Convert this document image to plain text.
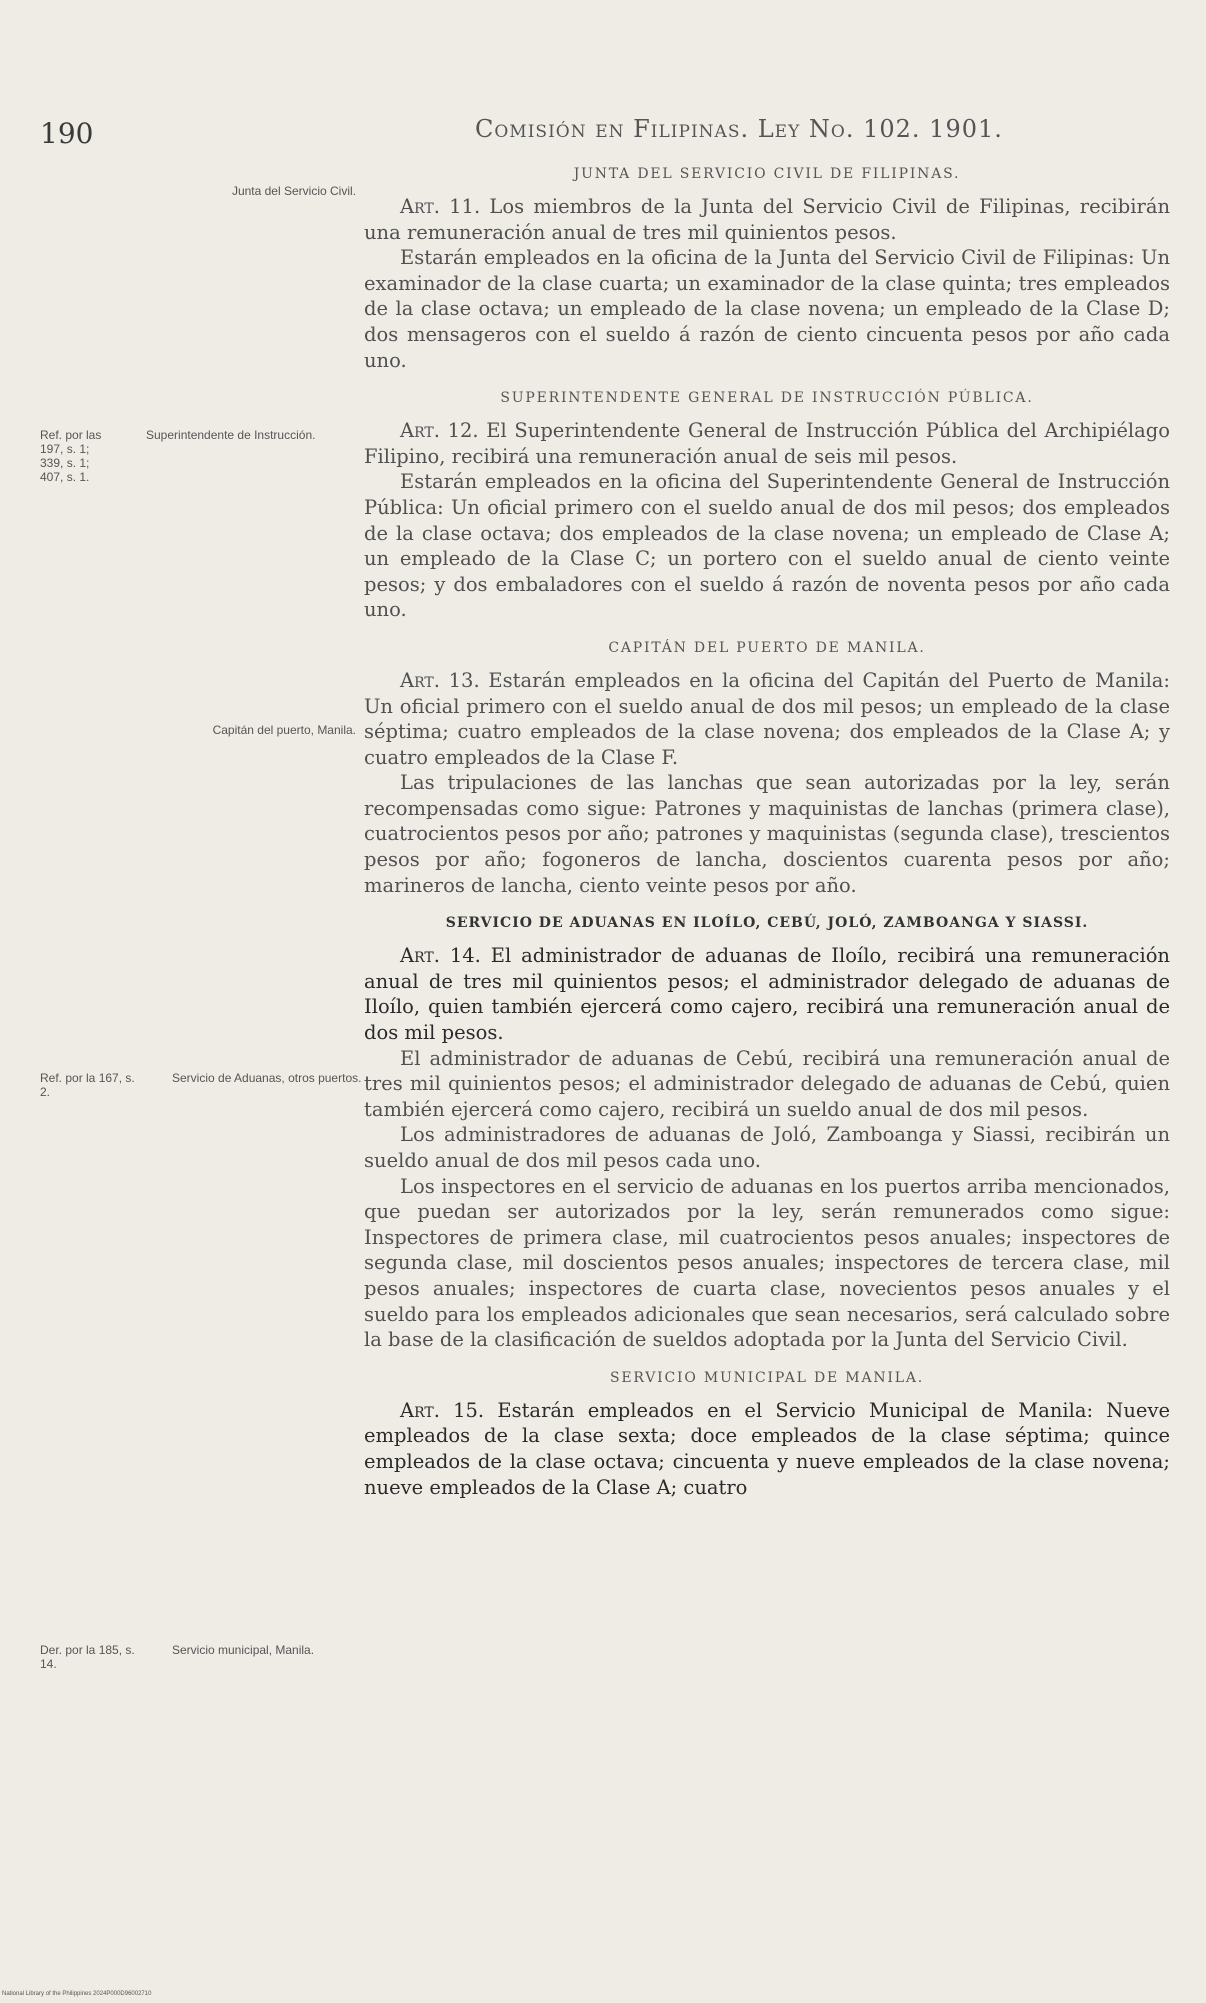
190	Comisión en Filipinas. Ley No. 102. 1901.
Junta del Servicio Civil.
Ref. por las 197, s. 1; 339, s. 1; 407, s. 1.
Superintendente de Instrucción.
Capitán del puerto, Manila.
Ref. por la 167, s. 2.
Servicio de Aduanas, otros puertos.
Der. por la 185, s. 14.
Servicio municipal, Manila.
JUNTA DEL SERVICIO CIVIL DE FILIPINAS.

Art. 11. Los miembros de la Junta del Servicio Civil de Filipinas, recibirán una remuneración anual de tres mil quinientos pesos.

Estarán empleados en la oficina de la Junta del Servicio Civil de Filipinas: Un examinador de la clase cuarta; un examinador de la clase quinta; tres empleados de la clase octava; un empleado de la clase novena; un empleado de la Clase D; dos mensageros con el sueldo á razón de ciento cincuenta pesos por año cada uno.

SUPERINTENDENTE GENERAL DE INSTRUCCIÓN PÚBLICA.

Art. 12. El Superintendente General de Instrucción Pública del Archipiélago Filipino, recibirá una remuneración anual de seis mil pesos.

Estarán empleados en la oficina del Superintendente General de Instrucción Pública: Un oficial primero con el sueldo anual de dos mil pesos; dos empleados de la clase octava; dos empleados de la clase novena; un empleado de Clase A; un empleado de la Clase C; un portero con el sueldo anual de ciento veinte pesos; y dos embaladores con el sueldo á razón de noventa pesos por año cada uno.

CAPITÁN DEL PUERTO DE MANILA.

Art. 13. Estarán empleados en la oficina del Capitán del Puerto de Manila: Un oficial primero con el sueldo anual de dos mil pesos; un empleado de la clase séptima; cuatro empleados de la clase novena; dos empleados de la Clase A; y cuatro empleados de la Clase F.

Las tripulaciones de las lanchas que sean autorizadas por la ley, serán recompensadas como sigue: Patrones y maquinistas de lanchas (primera clase), cuatrocientos pesos por año; patrones y maquinistas (segunda clase), trescientos pesos por año; fogoneros de lancha, doscientos cuarenta pesos por año; marineros de lancha, ciento veinte pesos por año.

SERVICIO DE ADUANAS EN ILOÍLO, CEBÚ, JOLÓ, ZAMBOANGA Y SIASSI.

Art. 14. El administrador de aduanas de Iloílo, recibirá una remuneración anual de tres mil quinientos pesos; el administrador delegado de aduanas de Iloílo, quien también ejercerá como cajero, recibirá una remuneración anual de dos mil pesos.

El administrador de aduanas de Cebú, recibirá una remuneración anual de tres mil quinientos pesos; el administrador delegado de aduanas de Cebú, quien también ejercerá como cajero, recibirá un sueldo anual de dos mil pesos.

Los administradores de aduanas de Joló, Zamboanga y Siassi, recibirán un sueldo anual de dos mil pesos cada uno.

Los inspectores en el servicio de aduanas en los puertos arriba mencionados, que puedan ser autorizados por la ley, serán remunerados como sigue: Inspectores de primera clase, mil cuatrocientos pesos anuales; inspectores de segunda clase, mil doscientos pesos anuales; inspectores de tercera clase, mil pesos anuales; inspectores de cuarta clase, novecientos pesos anuales y el sueldo para los empleados adicionales que sean necesarios, será calculado sobre la base de la clasificación de sueldos adoptada por la Junta del Servicio Civil.

SERVICIO MUNICIPAL DE MANILA.

Art. 15. Estarán empleados en el Servicio Municipal de Manila: Nueve empleados de la clase sexta; doce empleados de la clase séptima; quince empleados de la clase octava; cincuenta y nueve empleados de la clase novena; nueve empleados de la Clase A; cuatro

National Library of the Philippines 2024P000D96002710
